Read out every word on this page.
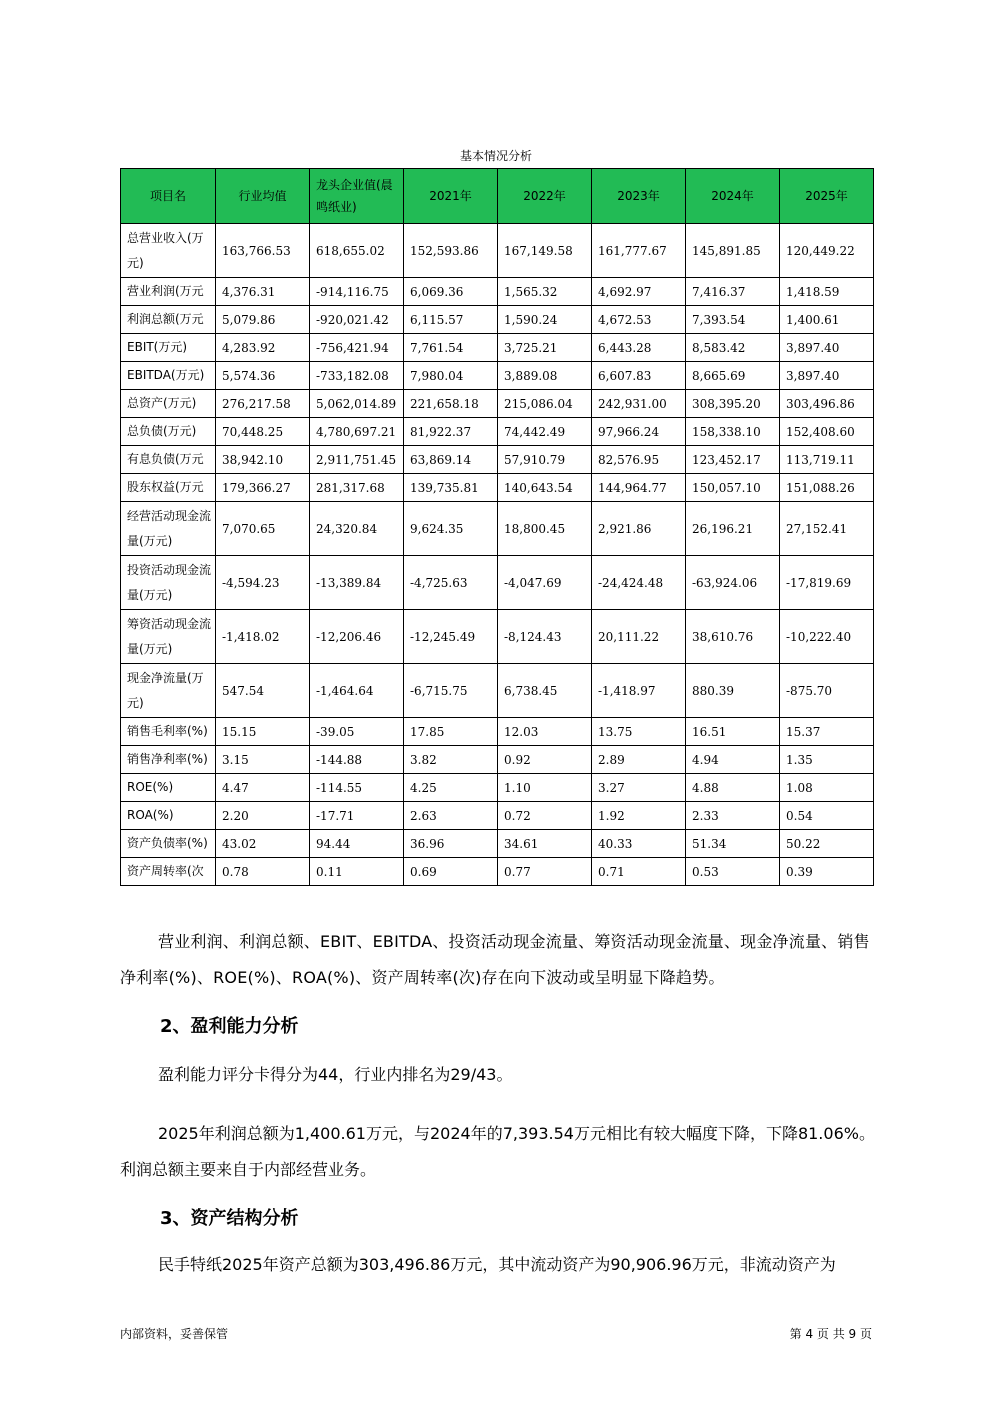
基本情况分析
项目名	行业均值	龙头企业值(晨鸣纸业)	2021年	2022年	2023年	2024年	2025年
总营业收入(万元)	163,766.53	618,655.02	152,593.86	167,149.58	161,777.67	145,891.85	120,449.22
营业利润(万元	4,376.31	-914,116.75	6,069.36	1,565.32	4,692.97	7,416.37	1,418.59
利润总额(万元	5,079.86	-920,021.42	6,115.57	1,590.24	4,672.53	7,393.54	1,400.61
EBIT(万元)	4,283.92	-756,421.94	7,761.54	3,725.21	6,443.28	8,583.42	3,897.40
EBITDA(万元)	5,574.36	-733,182.08	7,980.04	3,889.08	6,607.83	8,665.69	3,897.40
总资产(万元)	276,217.58	5,062,014.89	221,658.18	215,086.04	242,931.00	308,395.20	303,496.86
总负债(万元)	70,448.25	4,780,697.21	81,922.37	74,442.49	97,966.24	158,338.10	152,408.60
有息负债(万元	38,942.10	2,911,751.45	63,869.14	57,910.79	82,576.95	123,452.17	113,719.11
股东权益(万元	179,366.27	281,317.68	139,735.81	140,643.54	144,964.77	150,057.10	151,088.26
经营活动现金流量(万元)	7,070.65	24,320.84	9,624.35	18,800.45	2,921.86	26,196.21	27,152.41
投资活动现金流量(万元)	-4,594.23	-13,389.84	-4,725.63	-4,047.69	-24,424.48	-63,924.06	-17,819.69
筹资活动现金流量(万元)	-1,418.02	-12,206.46	-12,245.49	-8,124.43	20,111.22	38,610.76	-10,222.40
现金净流量(万元)	547.54	-1,464.64	-6,715.75	6,738.45	-1,418.97	880.39	-875.70
销售毛利率(%)	15.15	-39.05	17.85	12.03	13.75	16.51	15.37
销售净利率(%)	3.15	-144.88	3.82	0.92	2.89	4.94	1.35
ROE(%)	4.47	-114.55	4.25	1.10	3.27	4.88	1.08
ROA(%)	2.20	-17.71	2.63	0.72	1.92	2.33	0.54
资产负债率(%)	43.02	94.44	36.96	34.61	40.33	51.34	50.22
资产周转率(次	0.78	0.11	0.69	0.77	0.71	0.53	0.39
营业利润、利润总额、EBIT、EBITDA、投资活动现金流量、筹资活动现金流量、现金净流量、销售净利率(%)、ROE(%)、ROA(%)、资产周转率(次)存在向下波动或呈明显下降趋势。
2、盈利能力分析
盈利能力评分卡得分为44，行业内排名为29/43。
2025年利润总额为1,400.61万元，与2024年的7,393.54万元相比有较大幅度下降，下降81.06%。利润总额主要来自于内部经营业务。
3、资产结构分析
民手特纸2025年资产总额为303,496.86万元，其中流动资产为90,906.96万元，非流动资产为
内部资料，妥善保管	第 4 页 共 9 页
